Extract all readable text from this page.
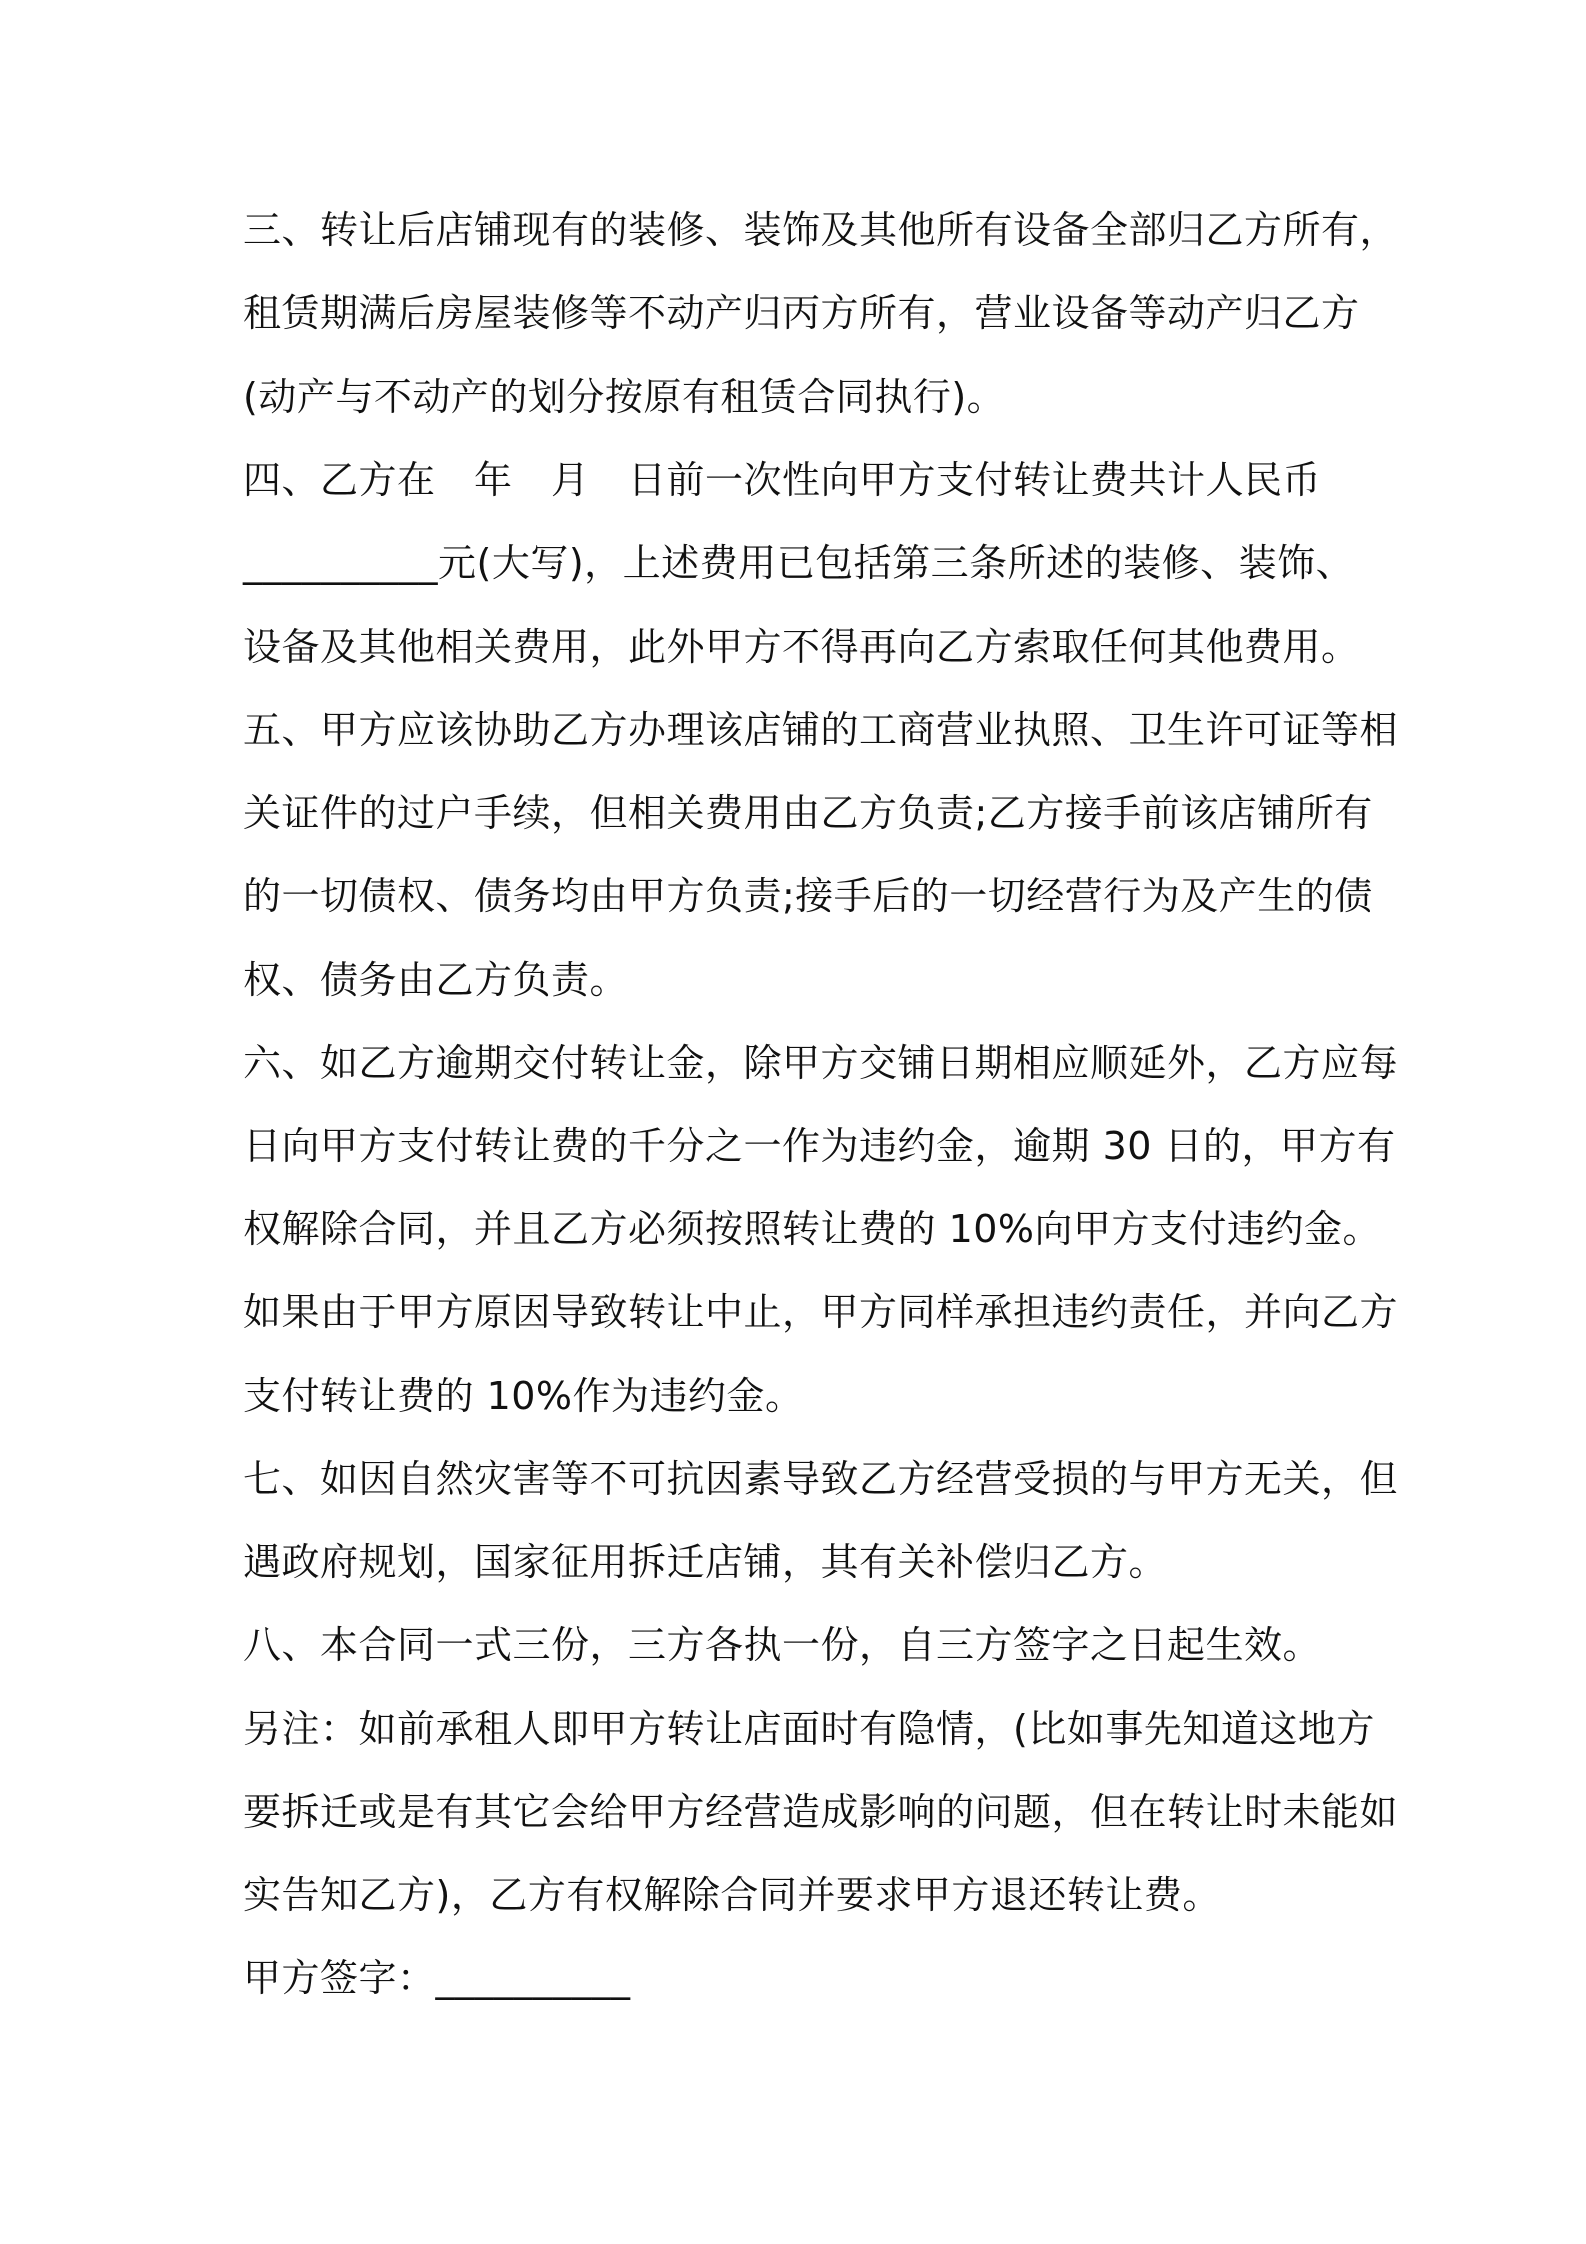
三、转让后店铺现有的装修、装饰及其他所有设备全部归乙方所有，
租赁期满后房屋装修等不动产归丙方所有，营业设备等动产归乙方
(动产与不动产的划分按原有租赁合同执行)。
四、乙方在　年　月　日前一次性向甲方支付转让费共计人民币
__________元(大写)，上述费用已包括第三条所述的装修、装饰、
设备及其他相关费用，此外甲方不得再向乙方索取任何其他费用。
五、甲方应该协助乙方办理该店铺的工商营业执照、卫生许可证等相
关证件的过户手续，但相关费用由乙方负责;乙方接手前该店铺所有
的一切债权、债务均由甲方负责;接手后的一切经营行为及产生的债
权、债务由乙方负责。
六、如乙方逾期交付转让金，除甲方交铺日期相应顺延外，乙方应每
日向甲方支付转让费的千分之一作为违约金，逾期 30 日的，甲方有
权解除合同，并且乙方必须按照转让费的 10%向甲方支付违约金。
如果由于甲方原因导致转让中止，甲方同样承担违约责任，并向乙方
支付转让费的 10%作为违约金。
七、如因自然灾害等不可抗因素导致乙方经营受损的与甲方无关，但
遇政府规划，国家征用拆迁店铺，其有关补偿归乙方。
八、本合同一式三份，三方各执一份，自三方签字之日起生效。
另注：如前承租人即甲方转让店面时有隐情，(比如事先知道这地方
要拆迁或是有其它会给甲方经营造成影响的问题，但在转让时未能如
实告知乙方)，乙方有权解除合同并要求甲方退还转让费。
甲方签字：__________
